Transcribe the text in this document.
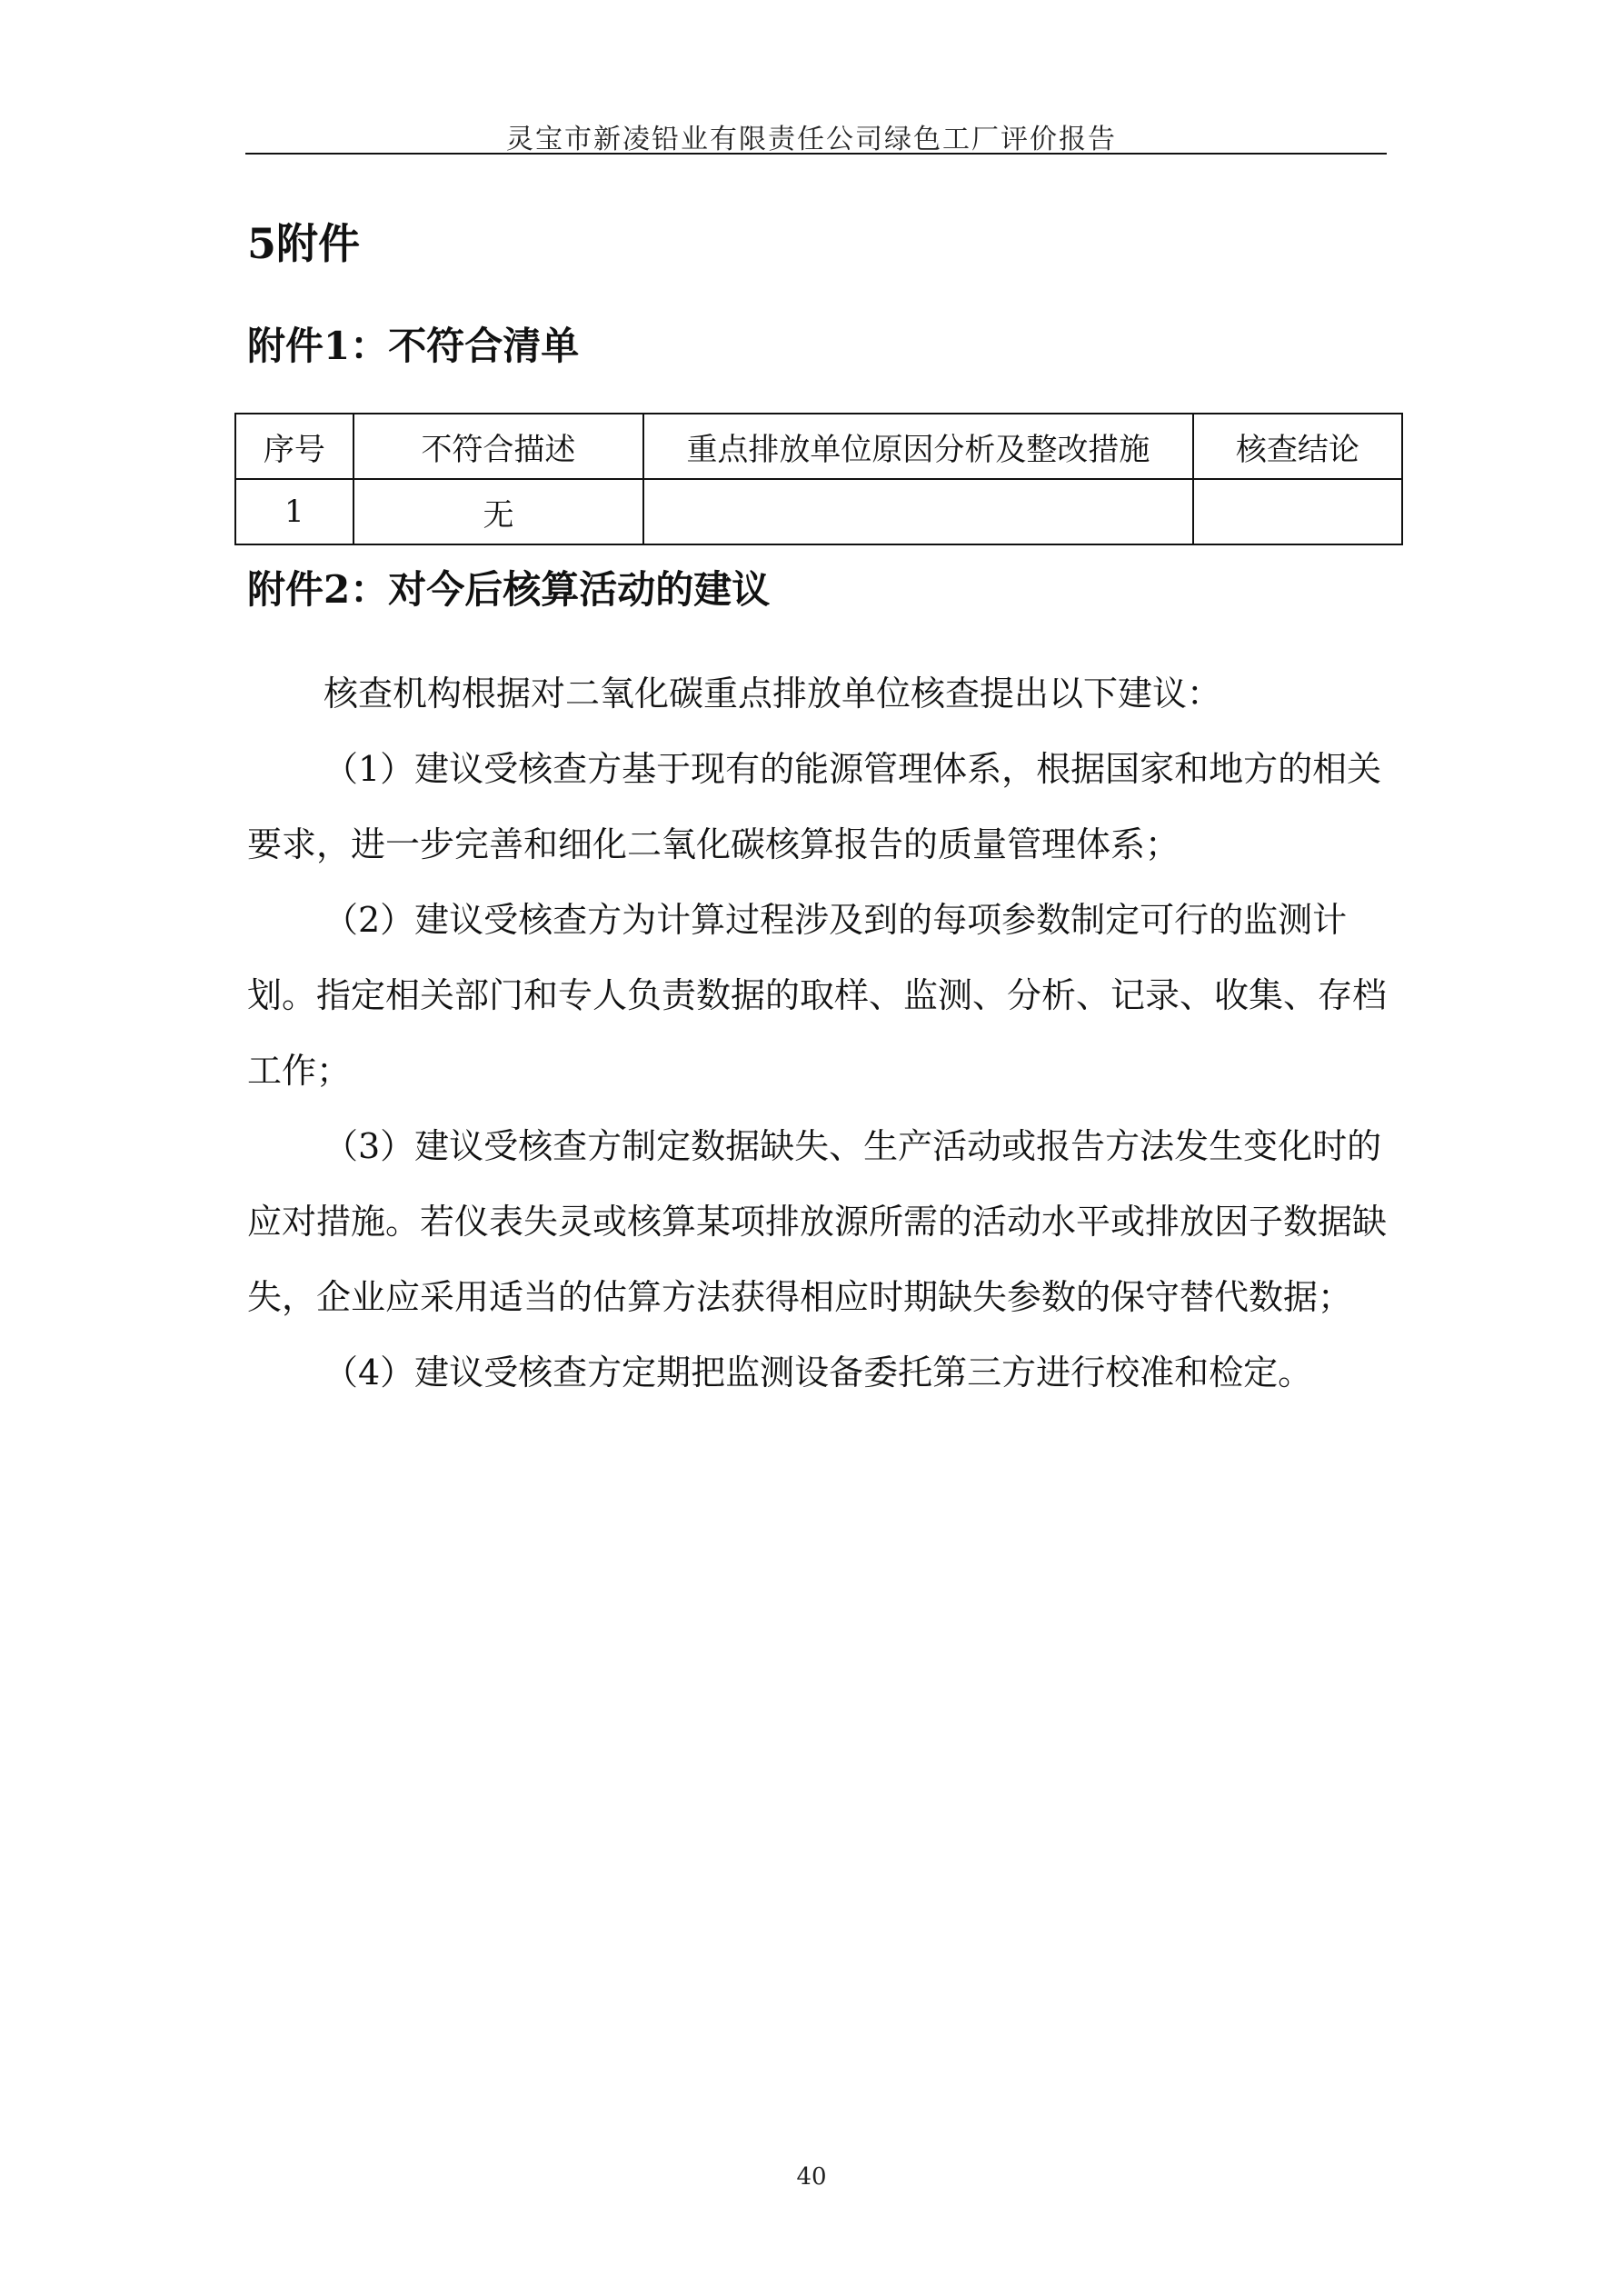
灵宝市新凌铅业有限责任公司绿色工厂评价报告
5附件
附件1：不符合清单
序号	不符合描述	重点排放单位原因分析及整改措施	核查结论
1	无		
附件2：对今后核算活动的建议

核查机构根据对二氧化碳重点排放单位核查提出以下建议：

（1）建议受核查方基于现有的能源管理体系，根据国家和地方的相关要求，进一步完善和细化二氧化碳核算报告的质量管理体系；

（2）建议受核查方为计算过程涉及到的每项参数制定可行的监测计划。指定相关部门和专人负责数据的取样、监测、分析、记录、收集、存档工作；

（3）建议受核查方制定数据缺失、生产活动或报告方法发生变化时的应对措施。若仪表失灵或核算某项排放源所需的活动水平或排放因子数据缺失，企业应采用适当的估算方法获得相应时期缺失参数的保守替代数据；

（4）建议受核查方定期把监测设备委托第三方进行校准和检定。

40
